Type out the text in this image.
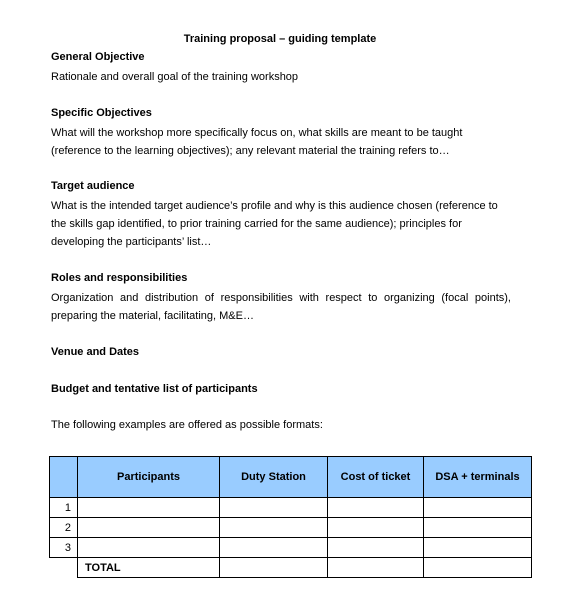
Training proposal – guiding template

General Objective

Rationale and overall goal of the training workshop

Specific Objectives

What will the workshop more specifically focus on, what skills are meant to be taught (reference to the learning objectives); any relevant material the training refers to…

Target audience

What is the intended target audience’s profile and why is this audience chosen (reference to the skills gap identified, to prior training carried for the same audience); principles for developing the participants’ list…

Roles and responsibilities

Organization and distribution of responsibilities with respect to organizing (focal points), preparing the material, facilitating, M&E…

Venue and Dates

Budget and tentative list of participants

The following examples are offered as possible formats:
	Participants	Duty Station	Cost of ticket	DSA + terminals
1				
2				
3				
	TOTAL			
